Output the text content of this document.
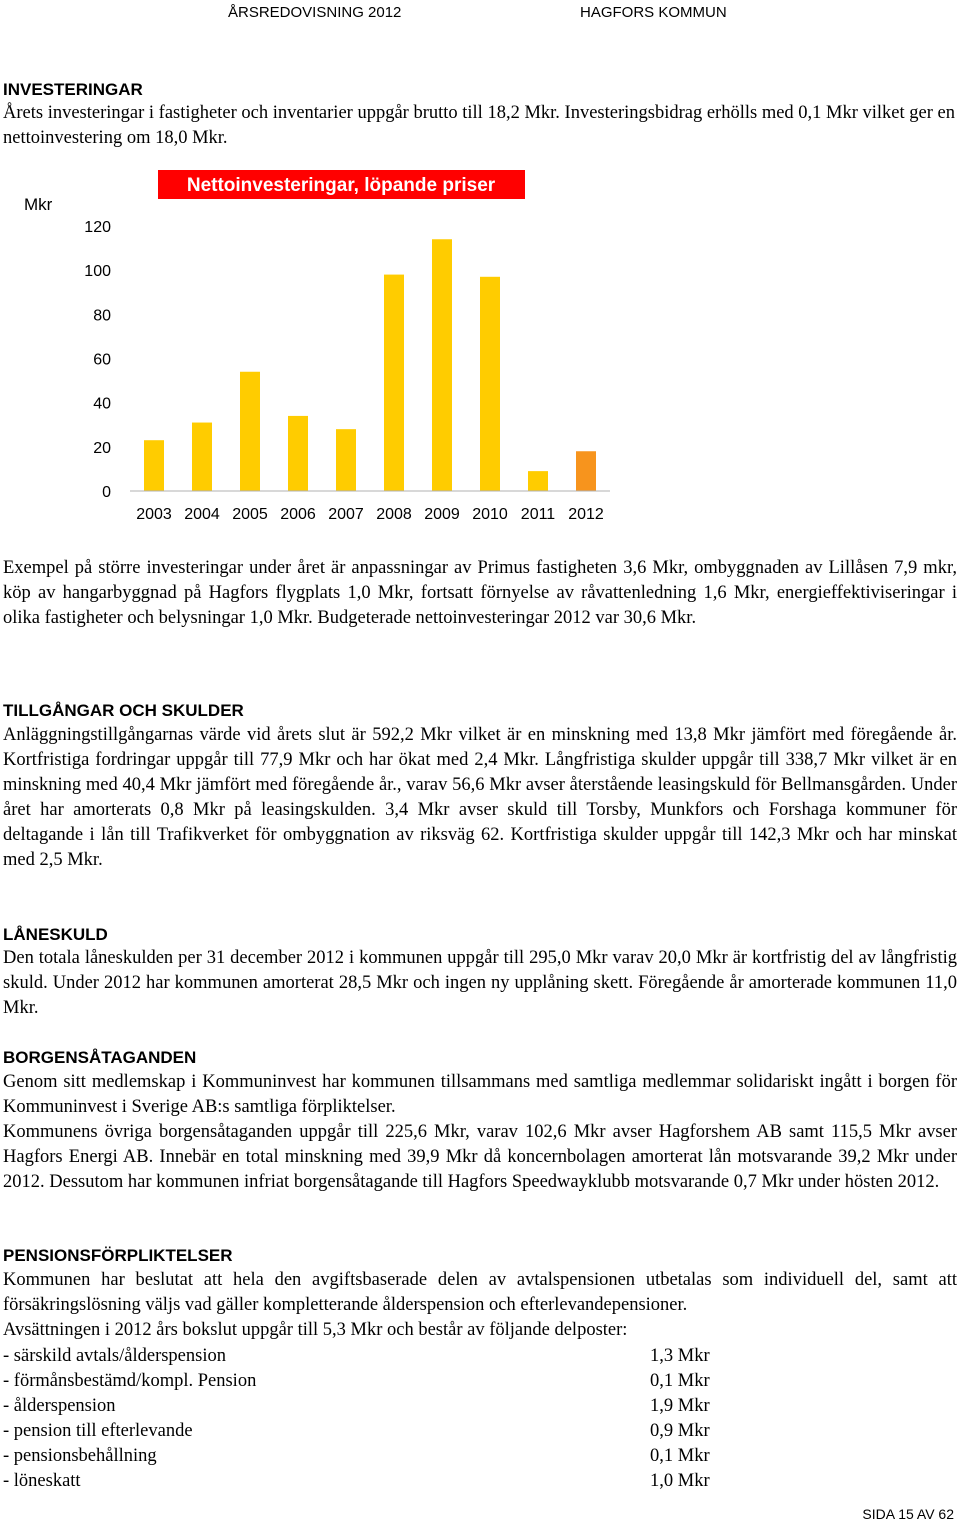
ÅRSREDOVISNING 2012	HAGFORS KOMMUN
INVESTERINGAR

Årets investeringar i fastigheter och inventarier uppgår brutto till 18,2 Mkr. Investeringsbidrag erhölls med 0,1 Mkr vilket ger en nettoinvestering om 18,0 Mkr.

Nettoinvesteringar, löpande priser
Mkr
0
20
40
60
80
100
120
2003 2004 2005 2006 2007 2008 2009 2010 2011 2012

Exempel på större investeringar under året är anpassningar av Primus fastigheten 3,6 Mkr, ombyggnaden av Lillåsen 7,9 mkr, köp av hangarbyggnad på Hagfors flygplats 1,0 Mkr, fortsatt förnyelse av råvattenledning 1,6 Mkr, energieffektiviseringar i olika fastigheter och belysningar 1,0 Mkr. Budgeterade nettoinvesteringar 2012 var 30,6 Mkr.

TILLGÅNGAR OCH SKULDER

Anläggningstillgångarnas värde vid årets slut är 592,2 Mkr vilket är en minskning med 13,8 Mkr jämfört med föregående år. Kortfristiga fordringar uppgår till 77,9 Mkr och har ökat med 2,4 Mkr. Långfristiga skulder uppgår till 338,7 Mkr vilket är en minskning med 40,4 Mkr jämfört med föregående år., varav 56,6 Mkr avser återstående leasingskuld för Bellmansgården. Under året har amorterats 0,8 Mkr på leasingskulden. 3,4 Mkr avser skuld till Torsby, Munkfors och Forshaga kommuner för deltagande i lån till Trafikverket för ombyggnation av riksväg 62. Kortfristiga skulder uppgår till 142,3 Mkr och har minskat med 2,5 Mkr.

LÅNESKULD

Den totala låneskulden per 31 december 2012 i kommunen uppgår till 295,0 Mkr varav 20,0 Mkr är kortfristig del av långfristig skuld. Under 2012 har kommunen amorterat 28,5 Mkr och ingen ny upplåning skett. Föregående år amorterade kommunen 11,0 Mkr.

BORGENSÅTAGANDEN

Genom sitt medlemskap i Kommuninvest har kommunen tillsammans med samtliga medlemmar solidariskt ingått i borgen för Kommuninvest i Sverige AB:s samtliga förpliktelser.

Kommunens övriga borgensåtaganden uppgår till 225,6 Mkr, varav 102,6 Mkr avser Hagforshem AB samt 115,5 Mkr avser Hagfors Energi AB. Innebär en total minskning med 39,9 Mkr då koncernbolagen amorterat lån motsvarande 39,2 Mkr under 2012. Dessutom har kommunen infriat borgensåtagande till Hagfors Speedwayklubb motsvarande 0,7 Mkr under hösten 2012.

PENSIONSFÖRPLIKTELSER

Kommunen har beslutat att hela den avgiftsbaserade delen av avtalspensionen utbetalas som individuell del, samt att försäkringslösning väljs vad gäller kompletterande ålderspension och efterlevandepensioner.

Avsättningen i 2012 års bokslut uppgår till 5,3 Mkr och består av följande delposter:

- särskild avtals/ålderspension	1,3 Mkr
- förmånsbestämd/kompl. Pension	0,1 Mkr
- ålderspension	1,9 Mkr
- pension till efterlevande	0,9 Mkr
- pensionsbehållning	0,1 Mkr
- löneskatt	1,0 Mkr
SIDA 15 AV 62
